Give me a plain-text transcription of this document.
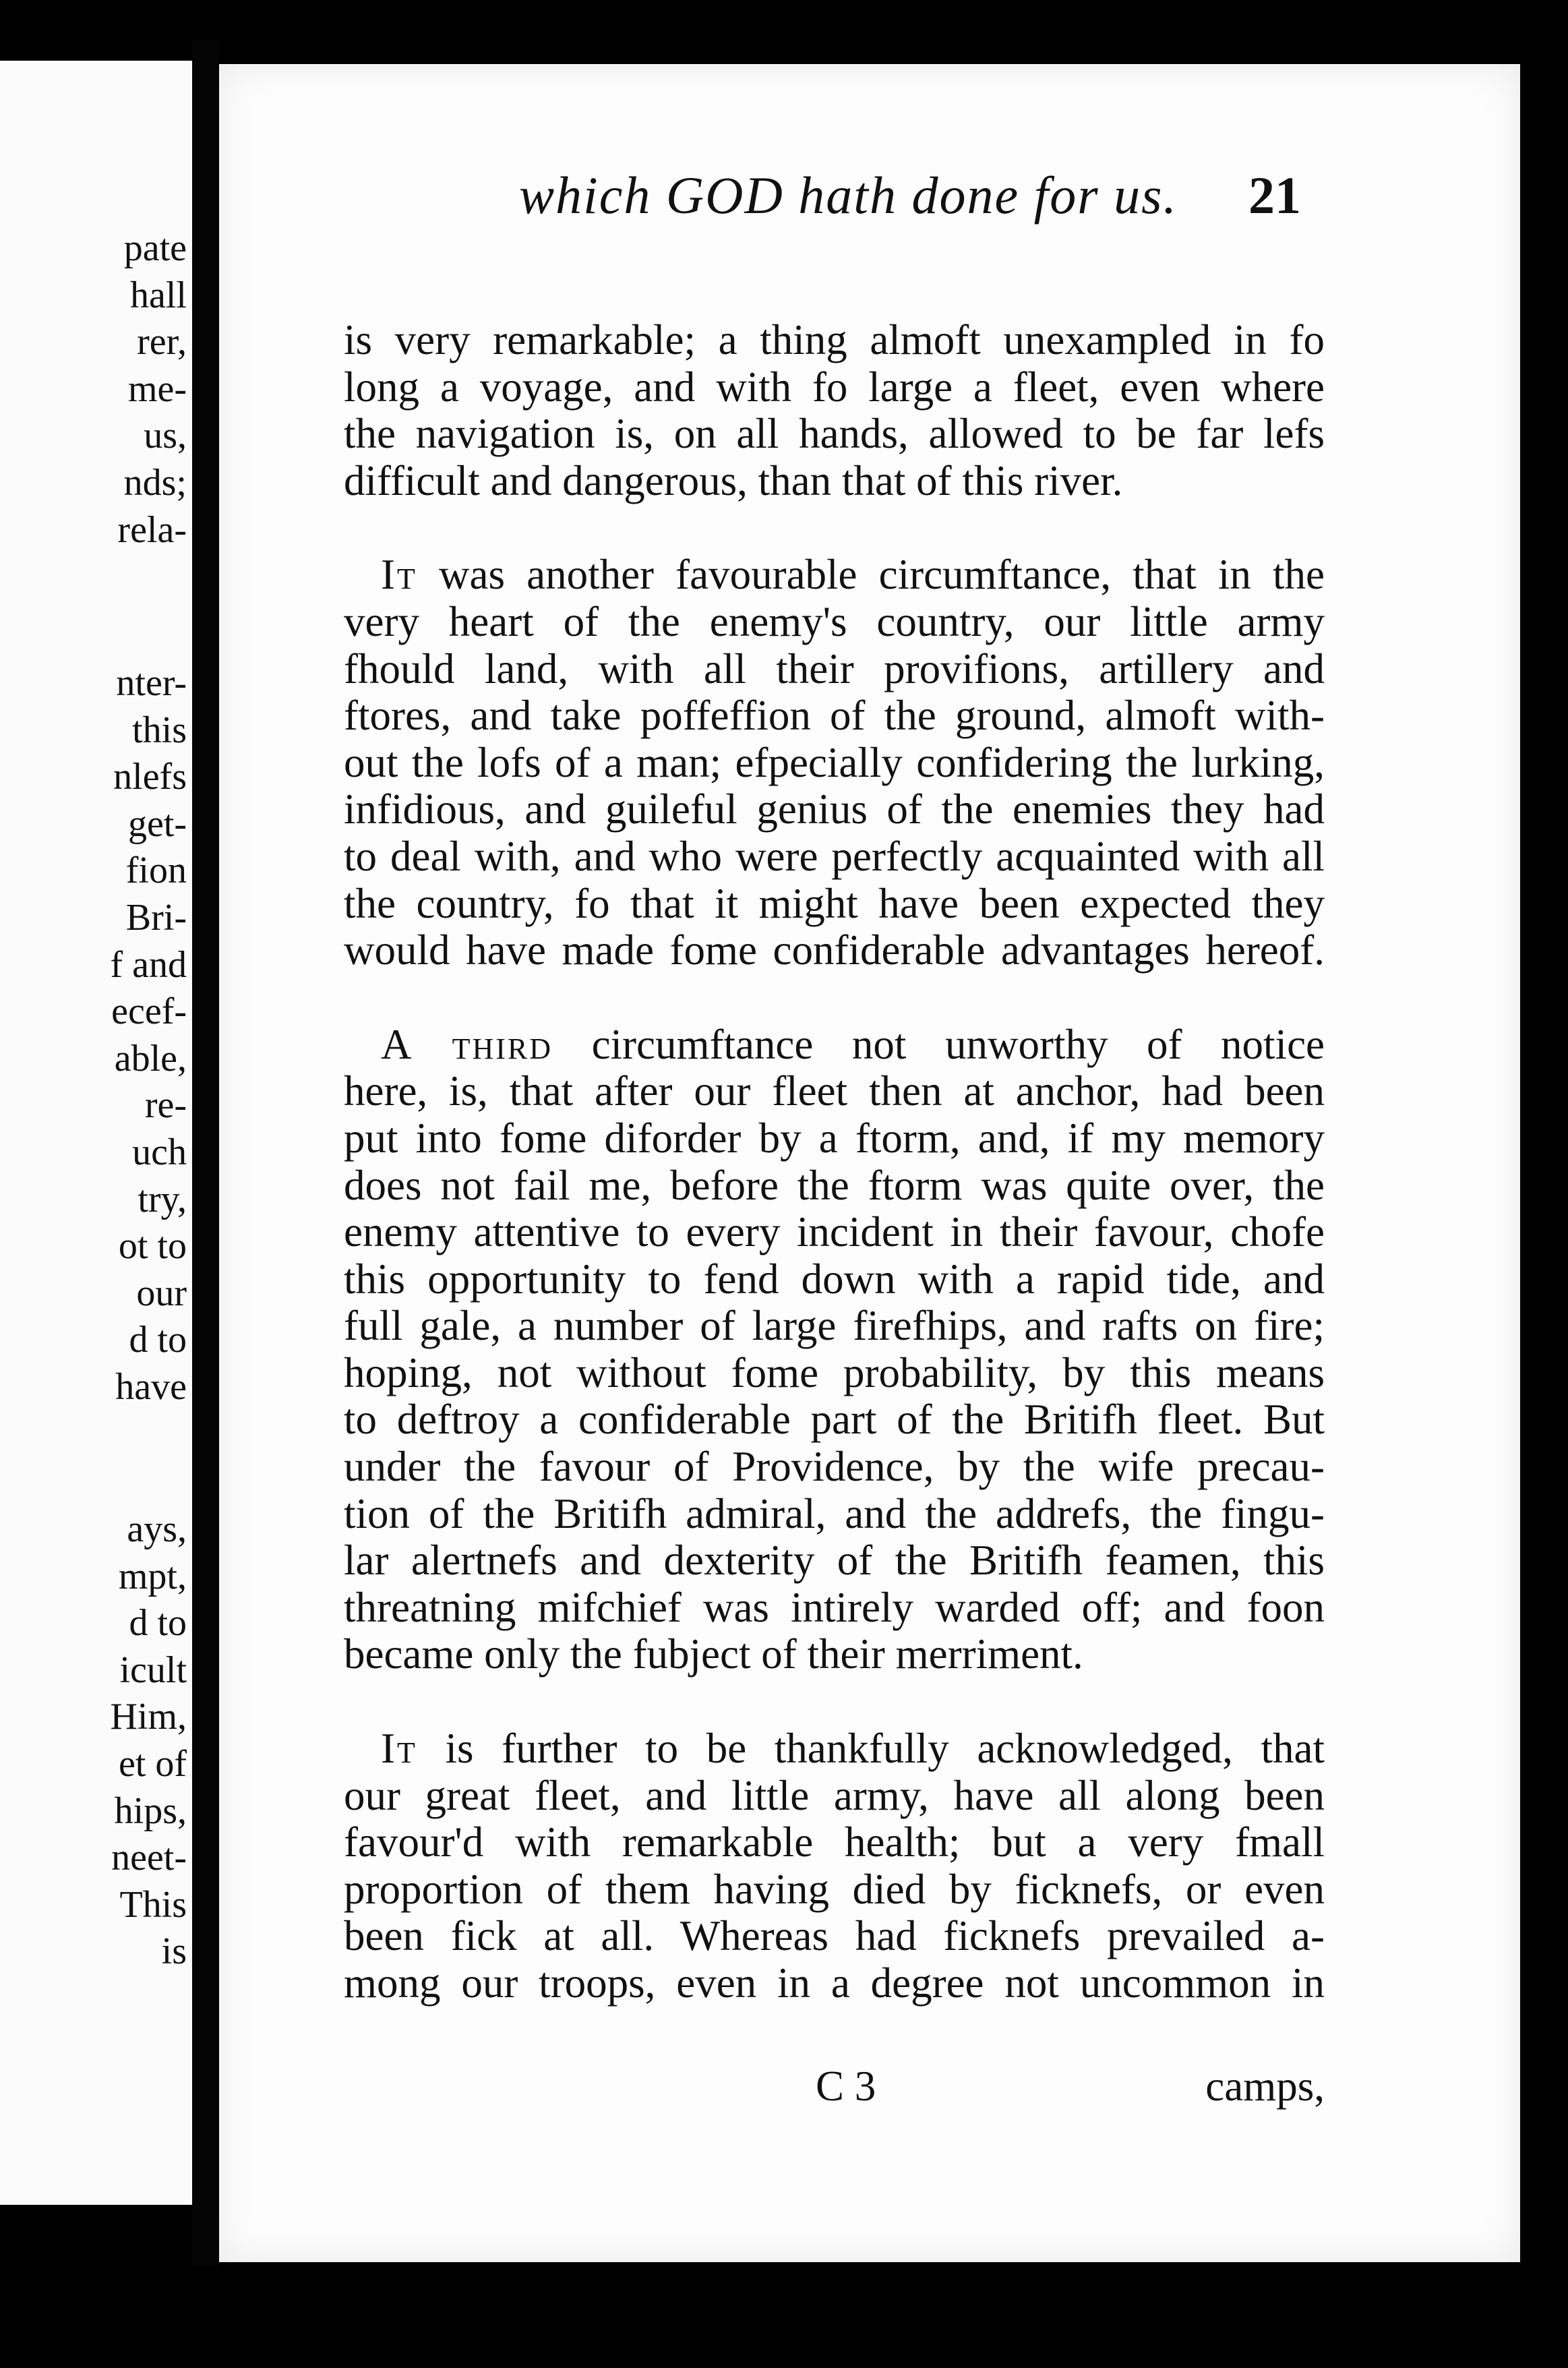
pate
hall
rer,
me-
us,
nds;
rela-
nter-
this
nlefs
get-
fion
Bri-
f and
ecef-
able,
re-
uch
try,
ot to
our
d to
have
ays,
mpt,
d to
icult
Him,
et of
hips,
neet-
This
is
which GOD hath done for us. 21
is very remarkable; a thing almoft unexampled in fo
long a voyage, and with fo large a fleet, even where
the navigation is, on all hands, allowed to be far lefs
difficult and dangerous, than that of this river.
It was another favourable circumftance, that in the
very heart of the enemy's country, our little army
fhould land, with all their provifions, artillery and
ftores, and take poffeffion of the ground, almoft with-
out the lofs of a man; efpecially confidering the lurking,
infidious, and guileful genius of the enemies they had
to deal with, and who were perfectly acquainted with all
the country, fo that it might have been expected they
would have made fome confiderable advantages hereof.
A third circumftance not unworthy of notice
here, is, that after our fleet then at anchor, had been
put into fome diforder by a ftorm, and, if my memory
does not fail me, before the ftorm was quite over, the
enemy attentive to every incident in their favour, chofe
this opportunity to fend down with a rapid tide, and
full gale, a number of large firefhips, and rafts on fire;
hoping, not without fome probability, by this means
to deftroy a confiderable part of the Britifh fleet. But
under the favour of Providence, by the wife precau-
tion of the Britifh admiral, and the addrefs, the fingu-
lar alertnefs and dexterity of the Britifh feamen, this
threatning mifchief was intirely warded off; and foon
became only the fubject of their merriment.
It is further to be thankfully acknowledged, that
our great fleet, and little army, have all along been
favour'd with remarkable health; but a very fmall
proportion of them having died by ficknefs, or even
been fick at all. Whereas had ficknefs prevailed a-
mong our troops, even in a degree not uncommon in
C 3	camps,
